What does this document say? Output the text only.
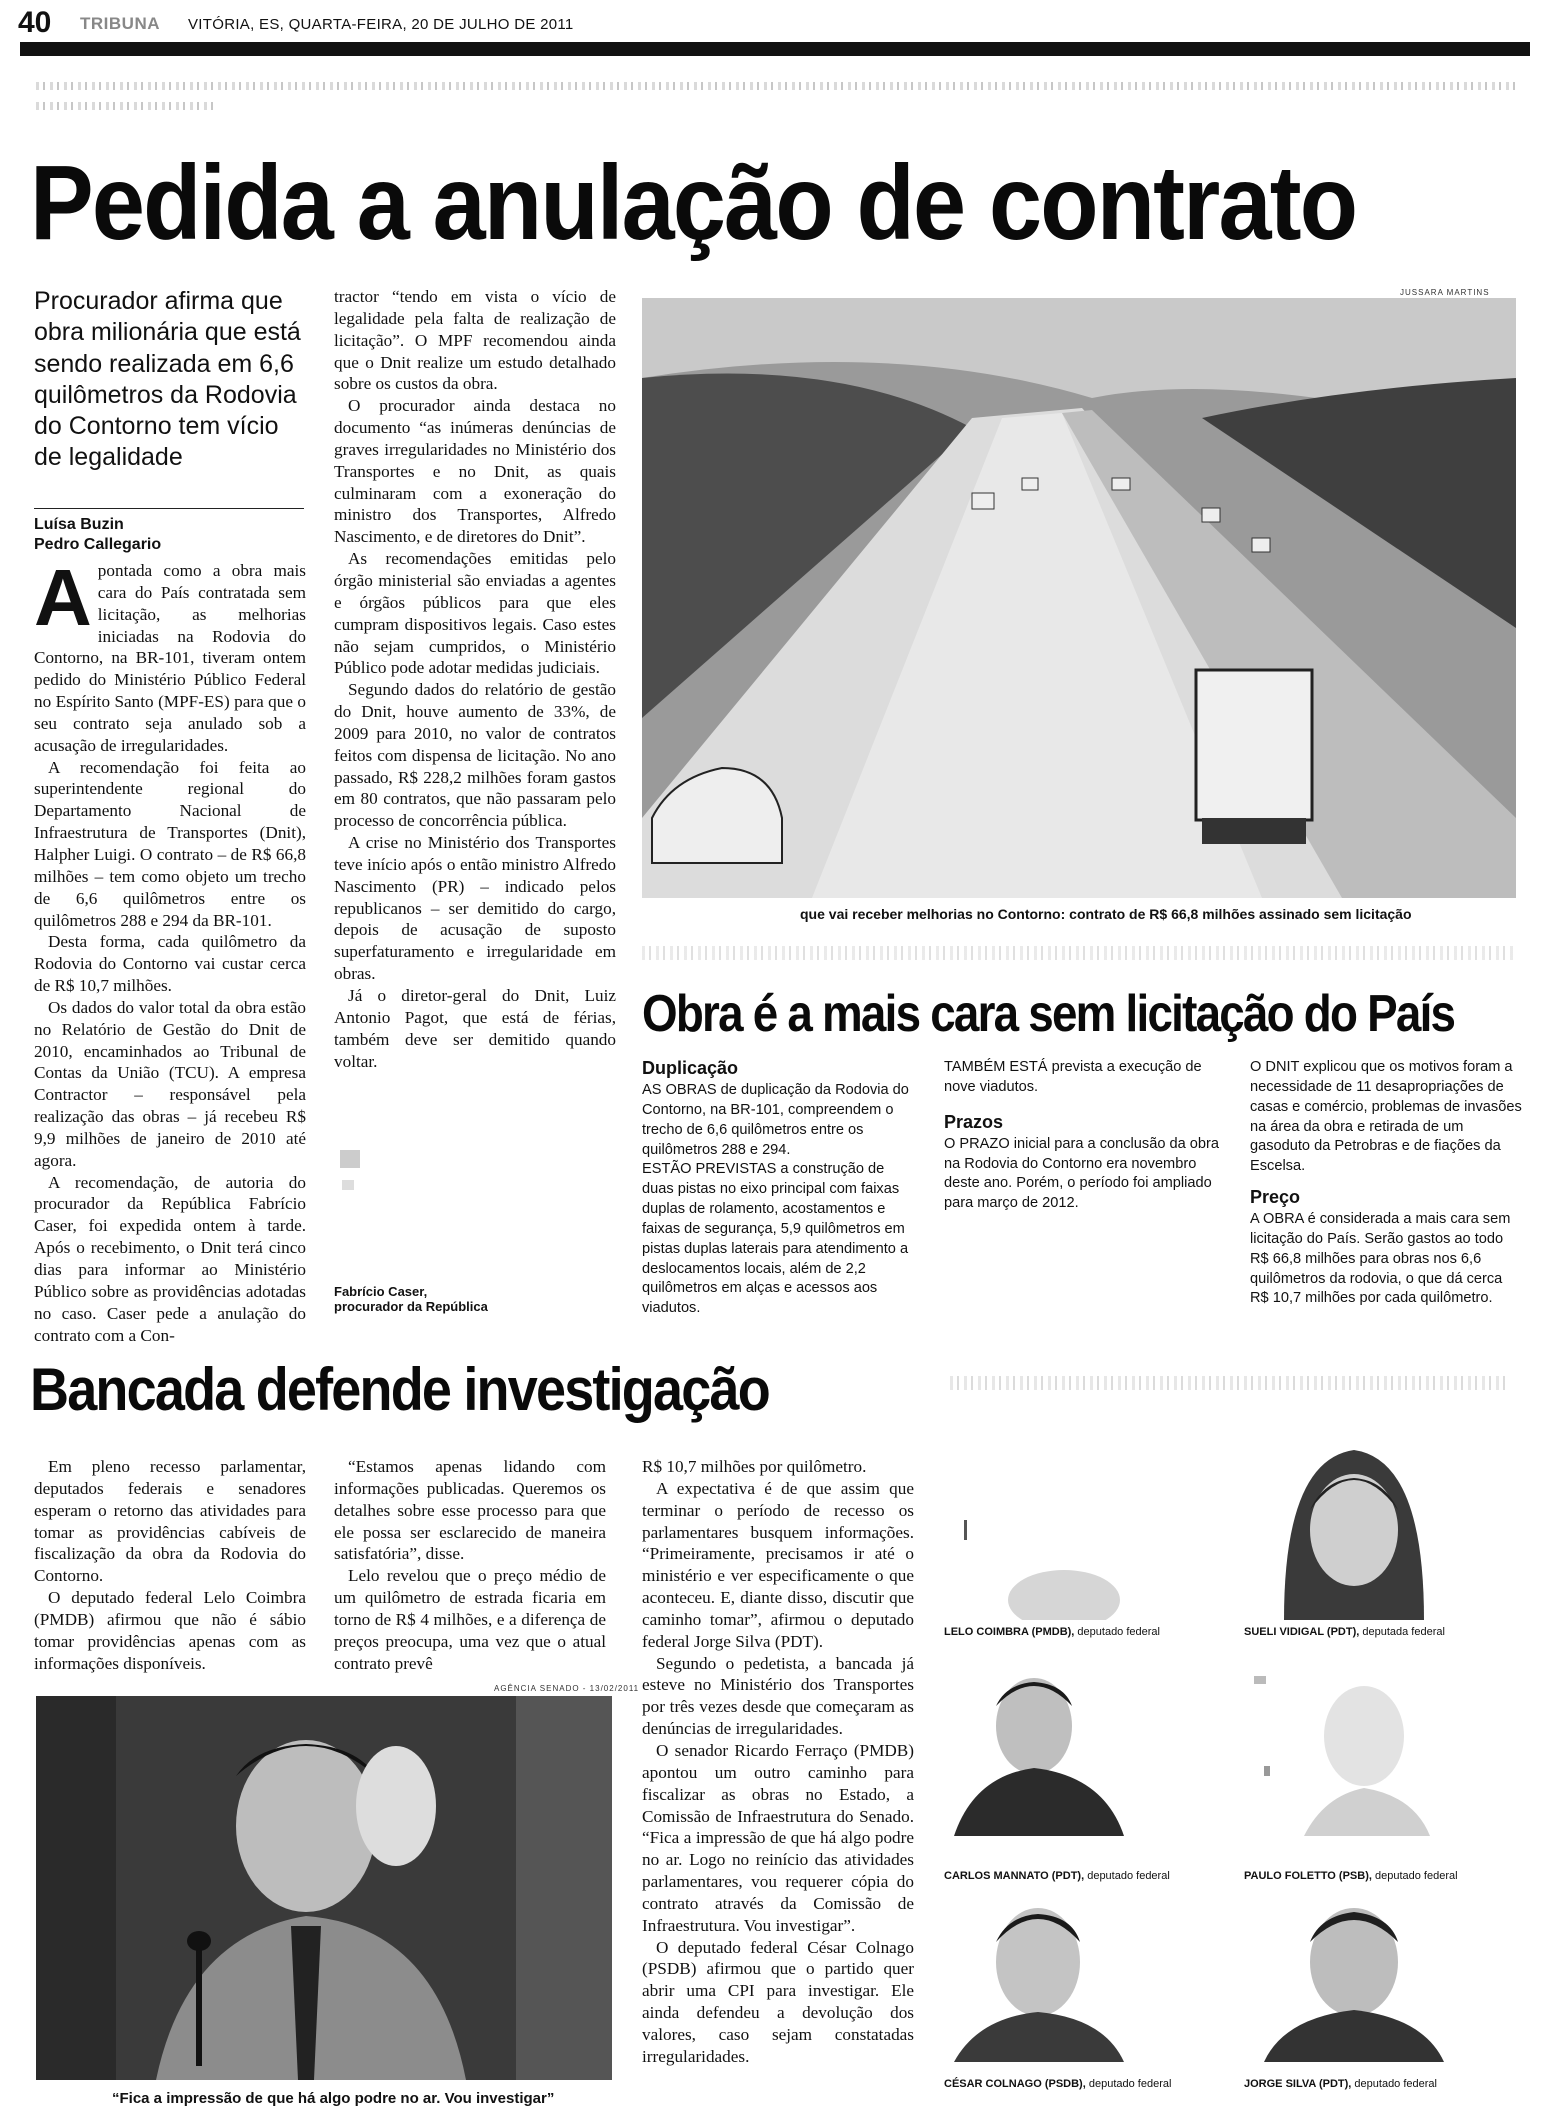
40 TRIBUNA VITÓRIA, ES, QUARTA-FEIRA, 20 DE JULHO DE 2011
Pedida a anulação de contrato
Procurador afirma que obra milionária que está sendo realizada em 6,6 quilômetros da Rodovia do Contorno tem vício de legalidade
Luísa Buzin
Pedro Callegario

Apontada como a obra mais cara do País contratada sem licitação, as melhorias iniciadas na Rodovia do Contorno, na BR-101, tiveram ontem pedido do Ministério Público Federal no Espírito Santo (MPF-ES) para que o seu contrato seja anulado sob a acusação de irregularidades.

A recomendação foi feita ao superintendente regional do Departamento Nacional de Infraestrutura de Transportes (Dnit), Halpher Luigi. O contrato – de R$ 66,8 milhões – tem como objeto um trecho de 6,6 quilômetros entre os quilômetros 288 e 294 da BR-101.

Desta forma, cada quilômetro da Rodovia do Contorno vai custar cerca de R$ 10,7 milhões.

Os dados do valor total da obra estão no Relatório de Gestão do Dnit de 2010, encaminhados ao Tribunal de Contas da União (TCU). A empresa Contractor – responsável pela realização das obras – já recebeu R$ 9,9 milhões de janeiro de 2010 até agora.

A recomendação, de autoria do procurador da República Fabrício Caser, foi expedida ontem à tarde. Após o recebimento, o Dnit terá cinco dias para informar ao Ministério Público sobre as providências adotadas no caso. Caser pede a anulação do contrato com a Con-

tractor “tendo em vista o vício de legalidade pela falta de realização de licitação”. O MPF recomendou ainda que o Dnit realize um estudo detalhado sobre os custos da obra.

O procurador ainda destaca no documento “as inúmeras denúncias de graves irregularidades no Ministério dos Transportes e no Dnit, as quais culminaram com a exoneração do ministro dos Transportes, Alfredo Nascimento, e de diretores do Dnit”.

As recomendações emitidas pelo órgão ministerial são enviadas a agentes e órgãos públicos para que eles cumpram dispositivos legais. Caso estes não sejam cumpridos, o Ministério Público pode adotar medidas judiciais.

Segundo dados do relatório de gestão do Dnit, houve aumento de 33%, de 2009 para 2010, no valor de contratos feitos com dispensa de licitação. No ano passado, R$ 228,2 milhões foram gastos em 80 contratos, que não passaram pelo processo de concorrência pública.

A crise no Ministério dos Transportes teve início após o então ministro Alfredo Nascimento (PR) – indicado pelos republicanos – ser demitido do cargo, depois de acusação de suposto superfaturamento e irregularidade em obras.

Já o diretor-geral do Dnit, Luiz Antonio Pagot, que está de férias, também deve ser demitido quando voltar.

Fabrício Caser,
procurador da República
JUSSARA MARTINS
que vai receber melhorias no Contorno: contrato de R$ 66,8 milhões assinado sem licitação
Obra é a mais cara sem licitação do País
Duplicação

AS OBRAS de duplicação da Rodovia do Contorno, na BR-101, compreendem o trecho de 6,6 quilômetros entre os quilômetros 288 e 294.

ESTÃO PREVISTAS a construção de duas pistas no eixo principal com faixas duplas de rolamento, acostamentos e faixas de segurança, 5,9 quilômetros em pistas duplas laterais para atendimento a deslocamentos locais, além de 2,2 quilômetros em alças e acessos aos viadutos.

TAMBÉM ESTÁ prevista a execução de nove viadutos.

Prazos

O PRAZO inicial para a conclusão da obra na Rodovia do Contorno era novembro deste ano. Porém, o período foi ampliado para março de 2012.

O DNIT explicou que os motivos foram a necessidade de 11 desapropriações de casas e comércio, problemas de invasões na área da obra e retirada de um gasoduto da Petrobras e de fiações da Escelsa.

Preço

A OBRA é considerada a mais cara sem licitação do País. Serão gastos ao todo R$ 66,8 milhões para obras nos 6,6 quilômetros da rodovia, o que dá cerca R$ 10,7 milhões por cada quilômetro.

Bancada defende investigação

Em pleno recesso parlamentar, deputados federais e senadores esperam o retorno das atividades para tomar as providências cabíveis de fiscalização da obra da Rodovia do Contorno.

O deputado federal Lelo Coimbra (PMDB) afirmou que não é sábio tomar providências apenas com as informações disponíveis.

“Estamos apenas lidando com informações publicadas. Queremos os detalhes sobre esse processo para que ele possa ser esclarecido de maneira satisfatória”, disse.

Lelo revelou que o preço médio de um quilômetro de estrada ficaria em torno de R$ 4 milhões, e a diferença de preços preocupa, uma vez que o atual contrato prevê

AGÊNCIA SENADO - 13/02/2011
“Fica a impressão de que há algo podre no ar. Vou investigar”

R$ 10,7 milhões por quilômetro.

A expectativa é de que assim que terminar o período de recesso os parlamentares busquem informações. “Primeiramente, precisamos ir até o ministério e ver especificamente o que aconteceu. E, diante disso, discutir que caminho tomar”, afirmou o deputado federal Jorge Silva (PDT).

Segundo o pedetista, a bancada já esteve no Ministério dos Transportes por três vezes desde que começaram as denúncias de irregularidades.

O senador Ricardo Ferraço (PMDB) apontou um outro caminho para fiscalizar as obras no Estado, a Comissão de Infraestrutura do Senado. “Fica a impressão de que há algo podre no ar. Logo no reinício das atividades parlamentares, vou requerer cópia do contrato através da Comissão de Infraestrutura. Vou investigar”.

O deputado federal César Colnago (PSDB) afirmou que o partido quer abrir uma CPI para investigar. Ele ainda defendeu a devolução dos valores, caso sejam constatadas irregularidades.

LELO COIMBRA (PMDB), deputado federal	SUELI VIDIGAL (PDT), deputada federal
CARLOS MANNATO (PDT), deputado federal	PAULO FOLETTO (PSB), deputado federal
CÉSAR COLNAGO (PSDB), deputado federal	JORGE SILVA (PDT), deputado federal
